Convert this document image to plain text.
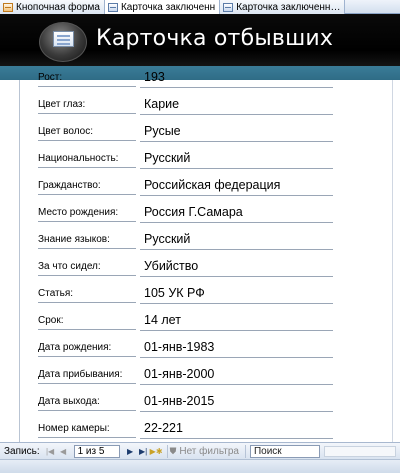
Кнопочная форма Карточка заключенн Карточка заключенн…
Карточка отбывших
Рост:	193
Цвет глаз:	Карие
Цвет волос:	Русые
Национальность:	Русский
Гражданство:	Российская федерация
Место рождения:	Россия Г.Самара
Знание языков:	Русский
За что сидел:	Убийство
Статья:	105 УК РФ
Срок:	14 лет
Дата рождения:	01-янв-1983
Дата прибывания:	01-янв-2000
Дата выхода:	01-янв-2015
Номер камеры:	22-221
Запись: |◀ ◀	1 из 5	▶ ▶| ▶✱ ⛊ Нет фильтра	Поиск
